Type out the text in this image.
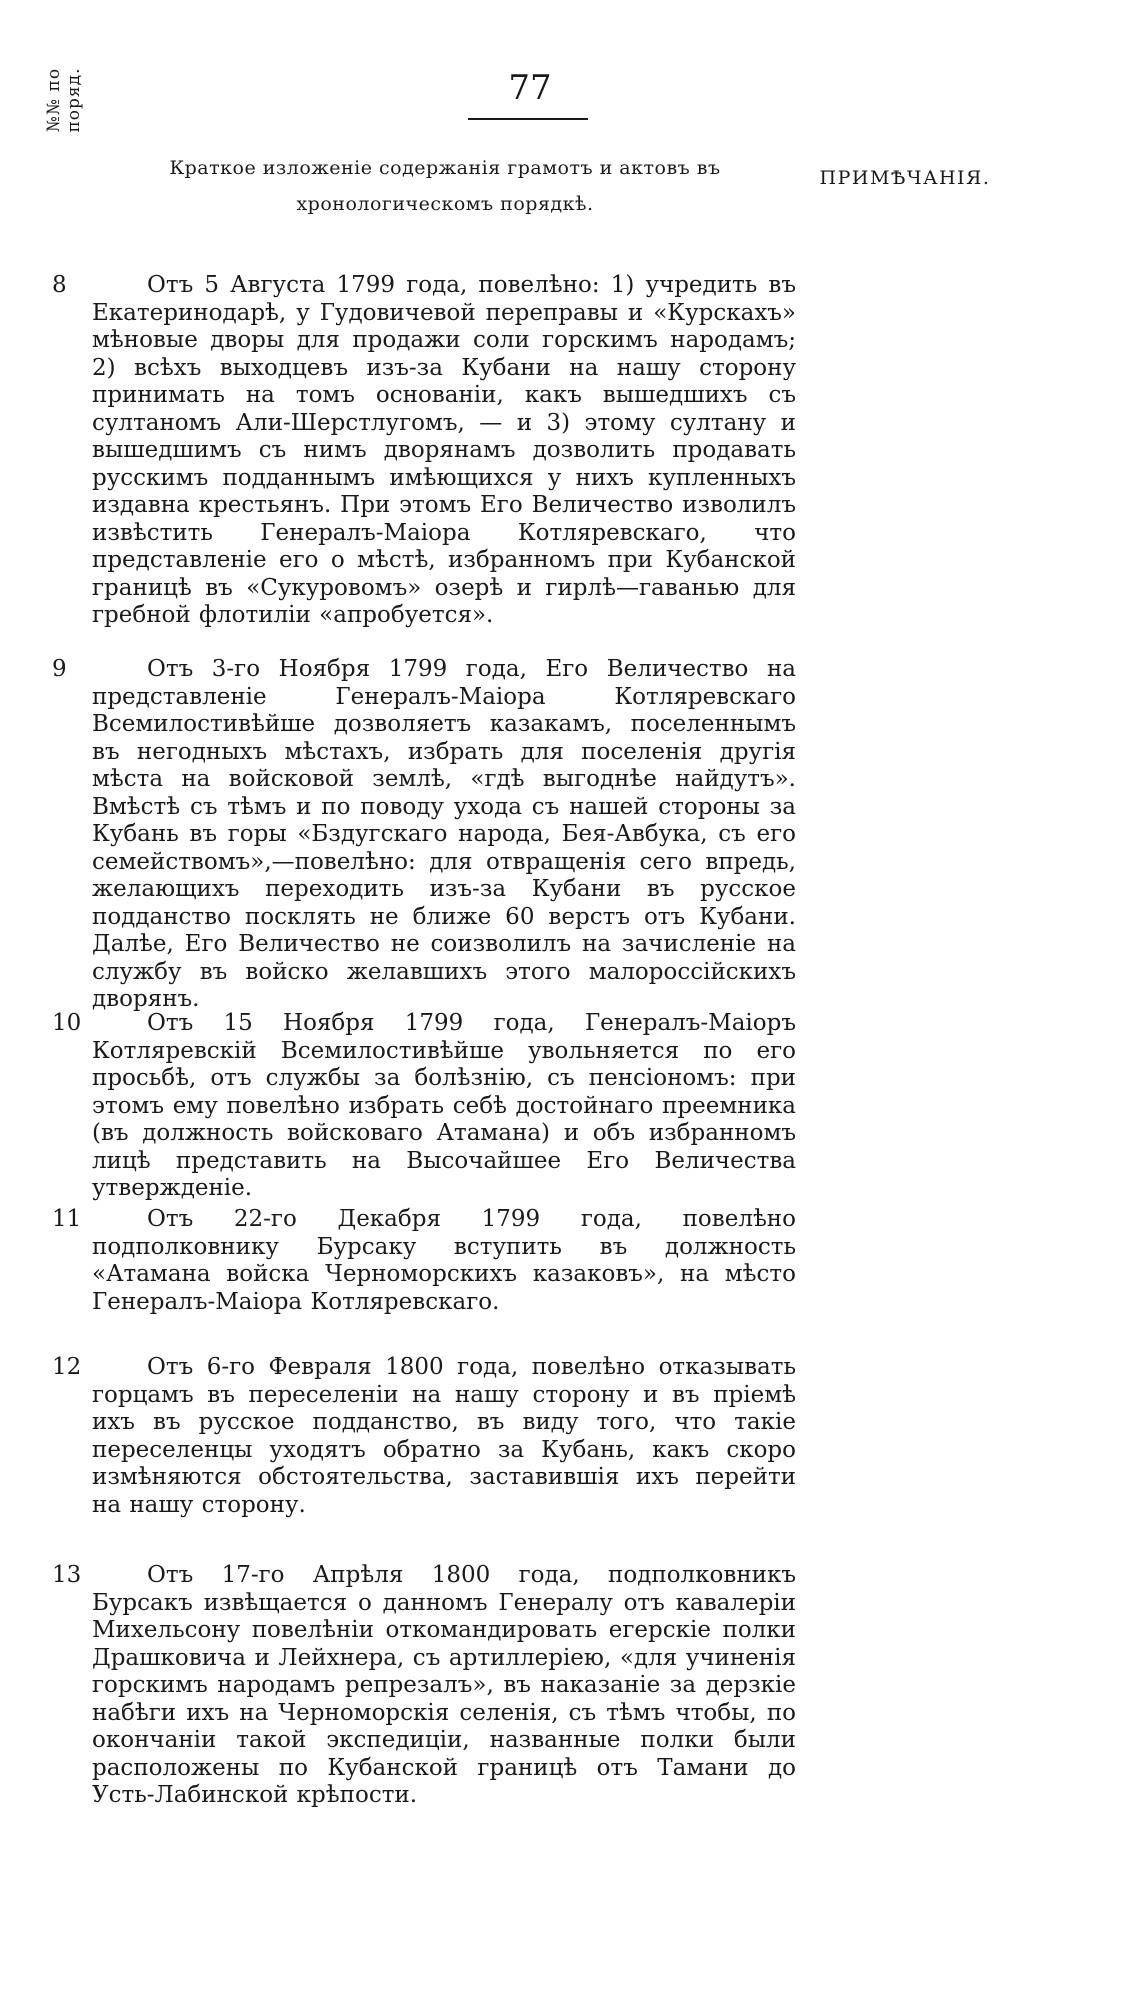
77
№№ по поряд.
Краткое изложеніе содержанія грамотъ и актовъ въ хронологическомъ порядкѣ.
ПРИМѢЧАНІЯ.
8	Отъ 5 Августа 1799 года, повелѣно: 1) учредить въ Екатеринодарѣ, у Гудовичевой переправы и «Курскахъ» мѣновые дворы для продажи соли горскимъ народамъ; 2) всѣхъ выходцевъ изъ-за Кубани на нашу сторону принимать на томъ основаніи, какъ вышедшихъ съ султаномъ Али-Шерстлугомъ, — и 3) этому султану и вышедшимъ съ нимъ дворянамъ дозволить продавать русскимъ подданнымъ имѣющихся у нихъ купленныхъ издавна крестьянъ. При этомъ Его Величество изволилъ извѣстить Генералъ-Маіора Котляревскаго, что представленіе его о мѣстѣ, избранномъ при Кубанской границѣ въ «Сукуровомъ» озерѣ и гирлѣ—гаванью для гребной флотиліи «апробуется».
9	Отъ 3-го Ноября 1799 года, Его Величество на представленіе Генералъ-Маіора Котляревскаго Всемилостивѣйше дозволяетъ казакамъ, поселеннымъ въ негодныхъ мѣстахъ, избрать для поселенія другія мѣста на войсковой землѣ, «гдѣ выгоднѣе найдутъ». Вмѣстѣ съ тѣмъ и по поводу ухода съ нашей стороны за Кубань въ горы «Бздугскаго народа, Бея-Авбука, съ его семействомъ»,—повелѣно: для отвращенія сего впредь, желающихъ переходить изъ-за Кубани въ русское подданство посклять не ближе 60 верстъ отъ Кубани. Далѣе, Его Величество не соизволилъ на зачисленіе на службу въ войско желавшихъ этого малороссійскихъ дворянъ.
10	Отъ 15 Ноября 1799 года, Генералъ-Маіоръ Котляревскій Всемилостивѣйше увольняется по его просьбѣ, отъ службы за болѣзнію, съ пенсіономъ: при этомъ ему повелѣно избрать себѣ достойнаго преемника (въ должность войсковаго Атамана) и объ избранномъ лицѣ представить на Высочайшее Его Величества утвержденіе.
11	Отъ 22-го Декабря 1799 года, повелѣно подполковнику Бурсаку вступить въ должность «Атамана войска Черноморскихъ казаковъ», на мѣсто Генералъ-Маіора Котляревскаго.
12	Отъ 6-го Февраля 1800 года, повелѣно отказывать горцамъ въ переселеніи на нашу сторону и въ пріемѣ ихъ въ русское подданство, въ виду того, что такіе переселенцы уходятъ обратно за Кубань, какъ скоро измѣняются обстоятельства, заставившія ихъ перейти на нашу сторону.
13	Отъ 17-го Апрѣля 1800 года, подполковникъ Бурсакъ извѣщается о данномъ Генералу отъ кавалеріи Михельсону повелѣніи откомандировать егерскіе полки Драшковича и Лейхнера, съ артиллеріею, «для учиненія горскимъ народамъ репрезалъ», въ наказаніе за дерзкіе набѣги ихъ на Черноморскія селенія, съ тѣмъ чтобы, по окончаніи такой экспедиціи, названные полки были расположены по Кубанской границѣ отъ Тамани до Усть-Лабинской крѣпости.
